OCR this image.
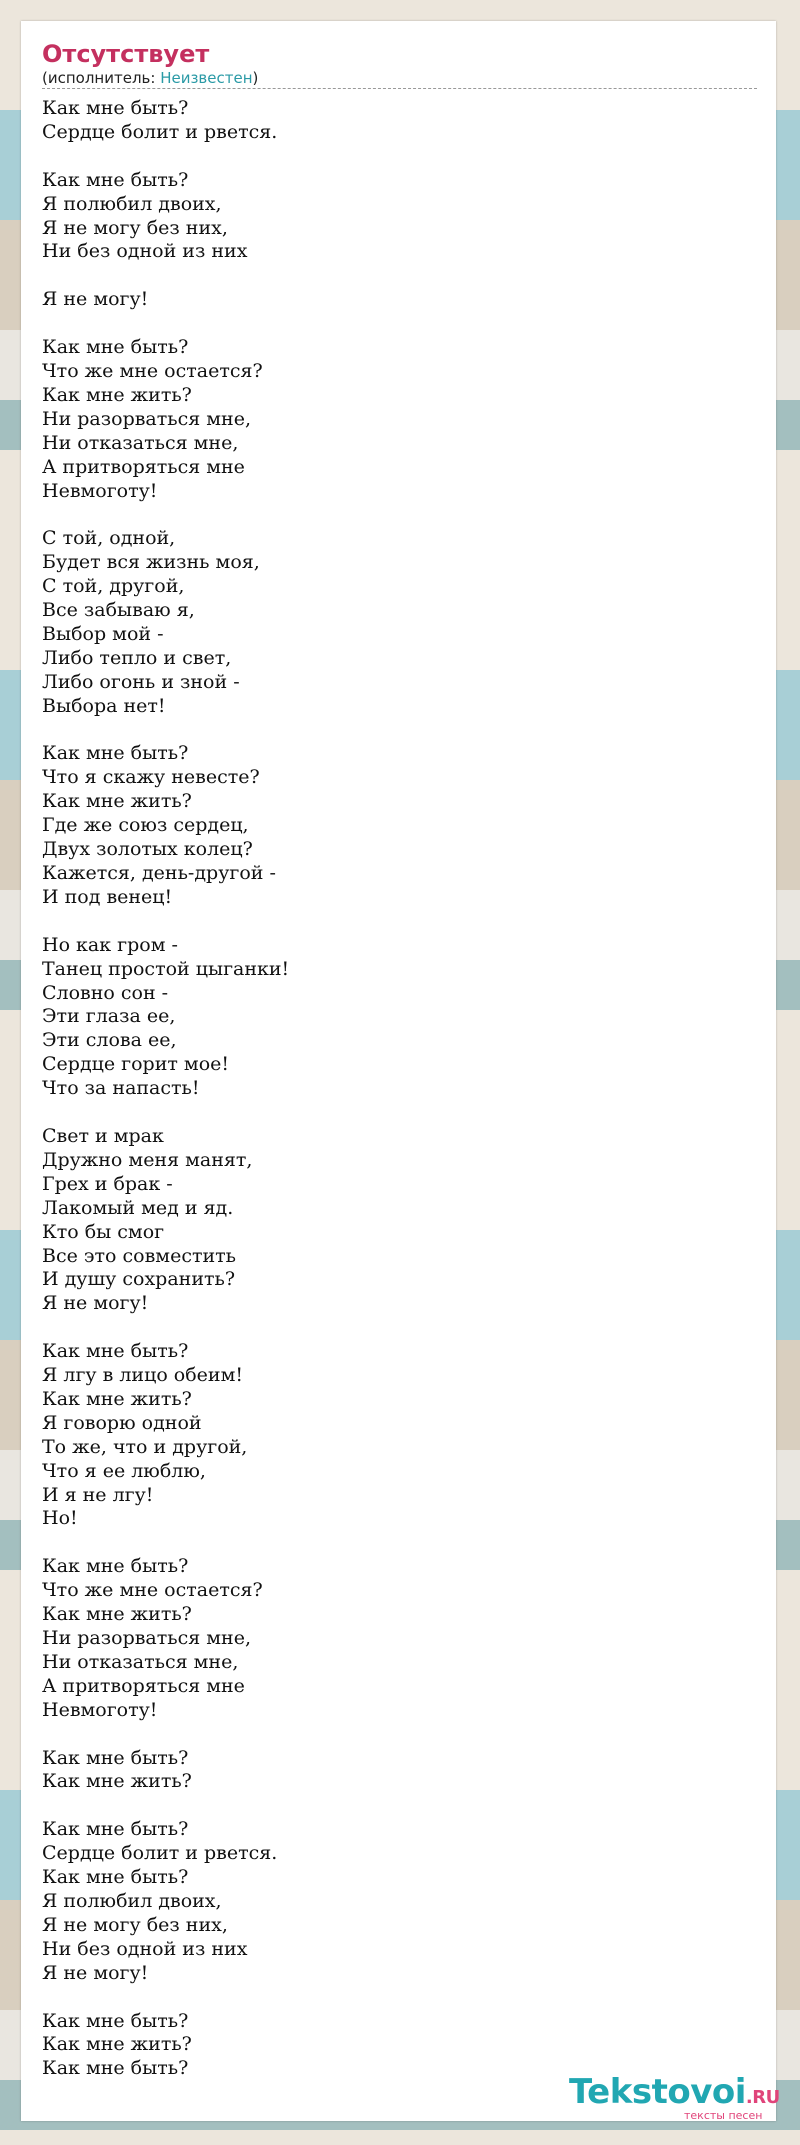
Отсутствует
(исполнитель: Неизвестен)
Как мне быть?
Сердце болит и рвется.

Как мне быть?
Я полюбил двоих,
Я не могу без них,
Ни без одной из них

Я не могу!

Как мне быть?
Что же мне остается?
Как мне жить?
Ни разорваться мне,
Ни отказаться мне,
А притворяться мне
Невмоготу!

С той, одной,
Будет вся жизнь моя,
С той, другой,
Все забываю я,
Выбор мой -
Либо тепло и свет,
Либо огонь и зной -
Выбора нет!

Как мне быть?
Что я скажу невесте?
Как мне жить?
Где же союз сердец,
Двух золотых колец?
Кажется, день-другой -
И под венец!

Но как гром -
Танец простой цыганки!
Словно сон -
Эти глаза ее,
Эти слова ее,
Сердце горит мое!
Что за напасть!

Свет и мрак
Дружно меня манят,
Грех и брак -
Лакомый мед и яд.
Кто бы смог
Все это совместить
И душу сохранить?
Я не могу!

Как мне быть?
Я лгу в лицо обеим!
Как мне жить?
Я говорю одной
То же, что и другой,
Что я ее люблю,
И я не лгу!
Но!

Как мне быть?
Что же мне остается?
Как мне жить?
Ни разорваться мне,
Ни отказаться мне,
А притворяться мне
Невмоготу!

Как мне быть?
Как мне жить?

Как мне быть?
Сердце болит и рвется.
Как мне быть?
Я полюбил двоих,
Я не могу без них,
Ни без одной из них
Я не могу!

Как мне быть?
Как мне жить?
Как мне быть?
Tekstovoi.RU
тексты песен
